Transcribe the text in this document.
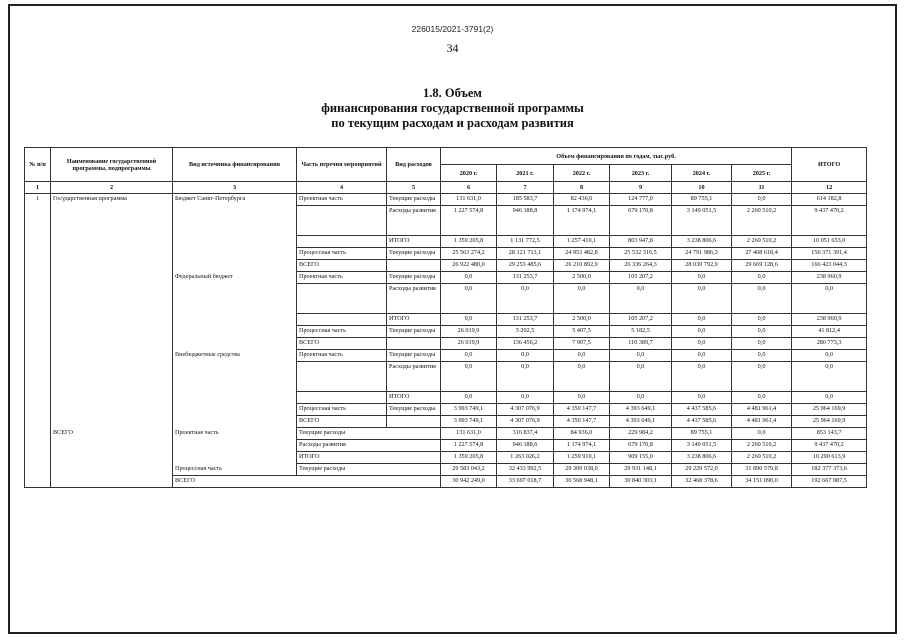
226015/2021-3791(2)
34
1.8. Объем
финансирования государственной программы
по текущим расходам и расходам развития
№ п/п	Наименование государственной программы, подпрограммы	Вид источника финансирования	Часть перечня мероприятий	Вид расходов	Объем финансирования по годам, тыс.руб.						ИТОГО
					2020 г.	2021 г.	2022 г.	2023 г.	2024 г.	2025 г.	
1	2	3	4	5	6	7	8	9	10	11	12
1	Государственная программа	Бюджет Санкт-Петербурга	Проектная часть	Текущие расходы	131 631,0	185 583,7	82 436,0	124 777,0	89 755,1	0,0	614 182,8
				Расходы развития	1 227 574,8	946 188,8	1 174 974,1	679 170,8	3 149 051,5	2 260 510,2	9 437 470,2
				ИТОГО	1 359 205,8	1 131 772,5	1 257 410,1	803 947,8	3 238 806,6	2 260 510,2	10 051 653,0
			Процессная часть	Текущие расходы	25 563 274,2	28 121 713,1	24 953 482,8	25 532 316,5	24 791 986,3	27 408 618,4	156 371 391,4
			ВСЕГО		26 922 480,0	29 253 485,6	26 210 892,9	26 336 264,3	28 030 792,9	29 669 128,6	166 423 044,3
		Федеральный бюджет	Проектная часть	Текущие расходы	0,0	131 253,7	2 500,0	105 207,2	0,0	0,0	238 960,9
				Расходы развития	0,0	0,0	0,0	0,0	0,0	0,0	0,0
				ИТОГО	0,0	131 253,7	2 500,0	105 207,2	0,0	0,0	238 960,9
			Процессная часть	Текущие расходы	26 019,9	5 202,5	5 407,5	5 182,5	0,0	0,0	41 812,4
			ВСЕГО		26 019,9	136 456,2	7 907,5	110 389,7	0,0	0,0	280 773,3
		Внебюджетные средства	Проектная часть	Текущие расходы	0,0	0,0	0,0	0,0	0,0	0,0	0,0
				Расходы развития	0,0	0,0	0,0	0,0	0,0	0,0	0,0
				ИТОГО	0,0	0,0	0,0	0,0	0,0	0,0	0,0
			Процессная часть	Текущие расходы	3 993 749,1	4 307 076,9	4 350 147,7	4 393 649,1	4 437 585,6	4 481 961,4	25 964 169,9
			ВСЕГО		3 993 749,1	4 307 076,9	4 350 147,7	4 393 649,1	4 437 585,6	4 481 961,4	25 964 169,9
	ВСЕГО	Проектная часть	Текущие расходы		131 631,0	316 837,4	84 936,0	229 984,2	89 755,1	0,0	853 143,7
			Расходы развития		1 227 574,8	946 188,6	1 174 974,1	679 170,8	3 149 051,5	2 260 510,2	9 437 470,2
			ИТОГО		1 359 205,8	1 263 026,2	1 259 910,1	909 155,0	3 238 806,6	2 260 510,2	10 290 613,9
		Процессная часть	Текущие расходы		29 583 043,2	32 433 992,5	29 309 038,0	29 931 148,1	29 229 572,0	31 890 579,8	182 377 373,6
		ВСЕГО			30 942 249,0	33 697 018,7	30 568 948,1	30 840 303,1	32 468 378,6	34 151 090,0	192 667 987,5
